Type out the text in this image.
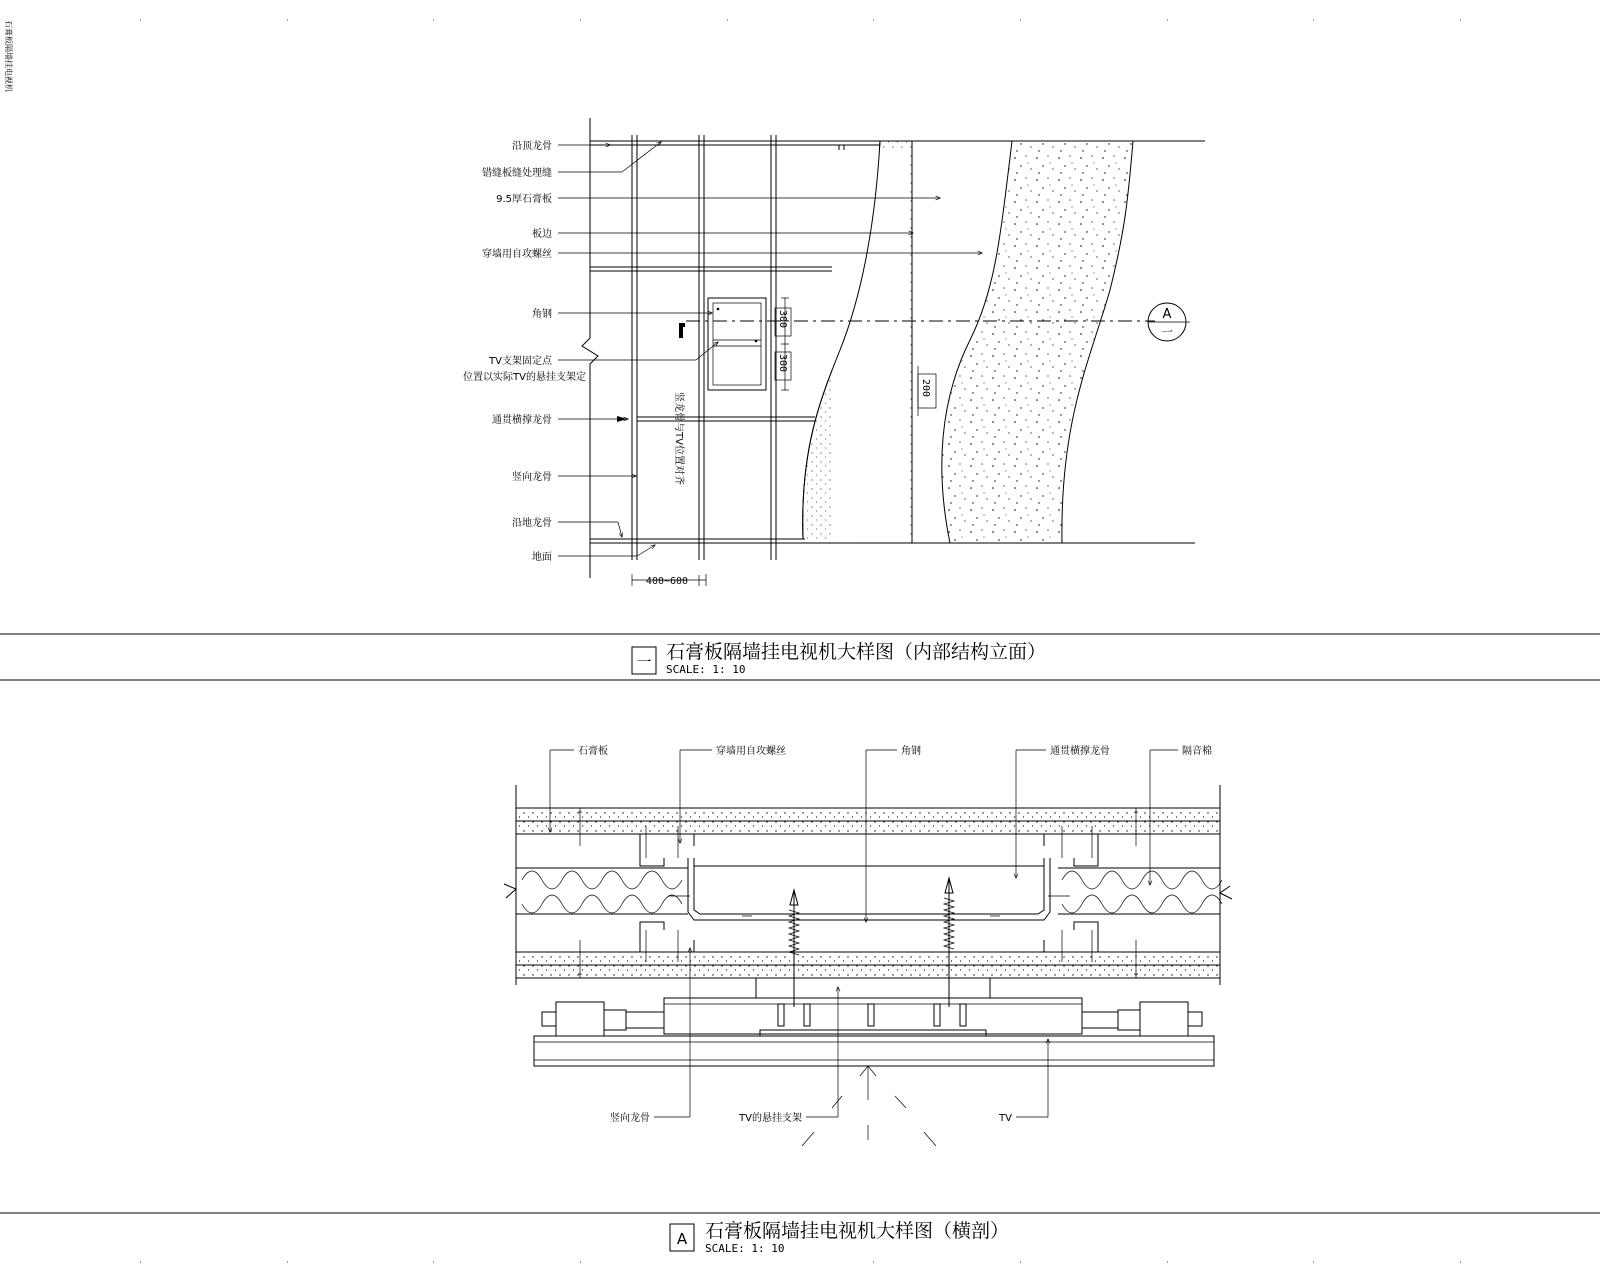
石膏板隔墙挂电视机
沿顶龙骨
错缝板缝处理缝
9.5厚石膏板
板边
穿墙用自攻螺丝
角钢
TV支架固定点
位置以实际TV的悬挂支架定
通贯横撑龙骨
竖向龙骨
沿地龙骨
地面
竖龙骨与TV位置对齐
400~600
300
300
200
A
一
一 石膏板隔墙挂电视机大样图（内部结构立面）
SCALE: 1: 10
石膏板	穿墙用自攻螺丝	角钢	通贯横撑龙骨	隔音棉
竖向龙骨	TV的悬挂支架	TV
A 石膏板隔墙挂电视机大样图（横剖）
SCALE: 1: 10
